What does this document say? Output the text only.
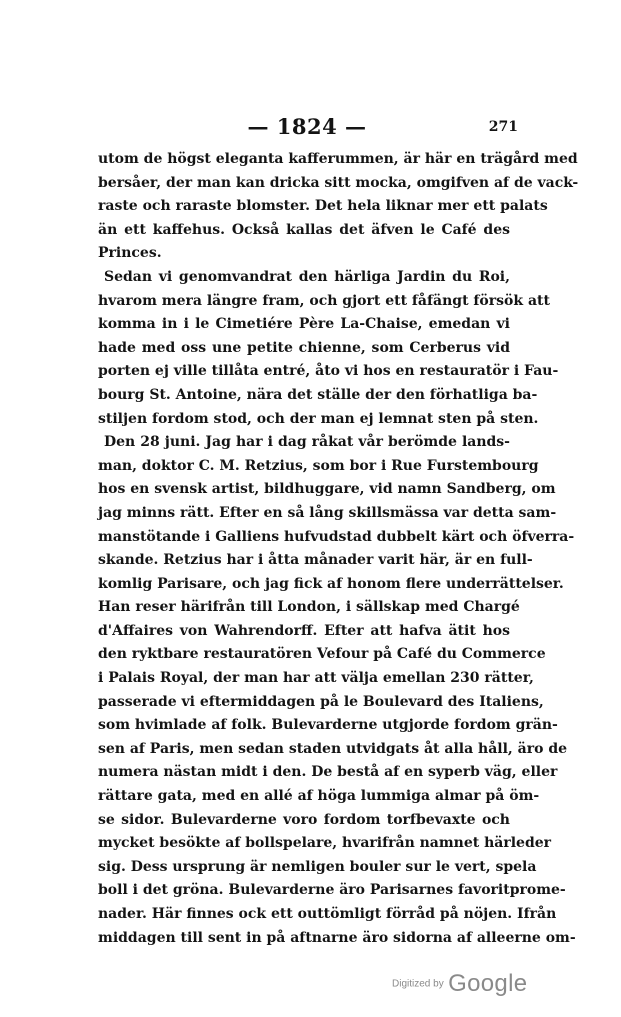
— 1824 —	271
utom de högst eleganta kafferummen, är här en trägård med
bersåer, der man kan dricka sitt mocka, omgifven af de vack-
raste och raraste blomster. Det hela liknar mer ett palats
än ett kaffehus. Också kallas det äfven le Café des
Princes.
Sedan vi genomvandrat den härliga Jardin du Roi,
hvarom mera längre fram, och gjort ett fåfängt försök att
komma in i le Cimetiére Père La-Chaise, emedan vi
hade med oss une petite chienne, som Cerberus vid
porten ej ville tillåta entré, åto vi hos en restauratör i Fau-
bourg St. Antoine, nära det ställe der den förhatliga ba-
stiljen fordom stod, och der man ej lemnat sten på sten.
Den 28 juni. Jag har i dag råkat vår berömde lands-
man, doktor C. M. Retzius, som bor i Rue Furstembourg
hos en svensk artist, bildhuggare, vid namn Sandberg, om
jag minns rätt. Efter en så lång skillsmässa var detta sam-
manstötande i Galliens hufvudstad dubbelt kärt och öfverra-
skande. Retzius har i åtta månader varit här, är en full-
komlig Parisare, och jag fick af honom flere underrättelser.
Han reser härifrån till London, i sällskap med Chargé
d'Affaires von Wahrendorff. Efter att hafva ätit hos
den ryktbare restauratören Vefour på Café du Commerce
i Palais Royal, der man har att välja emellan 230 rätter,
passerade vi eftermiddagen på le Boulevard des Italiens,
som hvimlade af folk. Bulevarderne utgjorde fordom grän-
sen af Paris, men sedan staden utvidgats åt alla håll, äro de
numera nästan midt i den. De bestå af en syperb väg, eller
rättare gata, med en allé af höga lummiga almar på öm-
se sidor. Bulevarderne voro fordom torfbevaxte och
mycket besökte af bollspelare, hvarifrån namnet härleder
sig. Dess ursprung är nemligen bouler sur le vert, spela
boll i det gröna. Bulevarderne äro Parisarnes favoritprome-
nader. Här finnes ock ett outtömligt förråd på nöjen. Ifrån
middagen till sent in på aftnarne äro sidorna af alleerne om-
Digitized by Google
